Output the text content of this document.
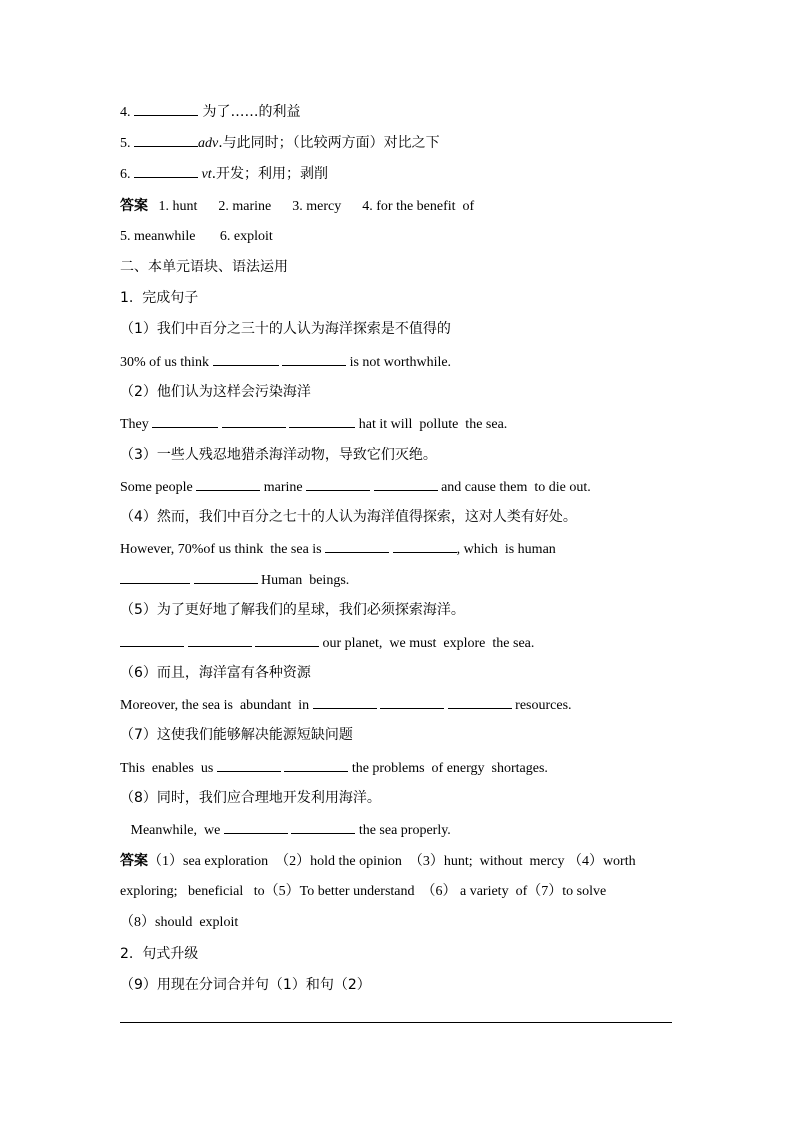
4.	为了……的利益
5.	adv.与此同时；（比较两方面）对比之下
6.	vt.开发；利用；剥削
答案 1. hunt      2. marine      3. mercy      4. for the benefit  of
5. meanwhile       6. exploit
二、本单元语块、语法运用
1.  完成句子
（1）我们中百分之三十的人认为海洋探索是不值得的
30% of us think	is not worthwhile.
（2）他们认为这样会污染海洋
They	hat it will  pollute  the sea.
（3）一些人残忍地猎杀海洋动物，导致它们灭绝。
Some people	marine	and cause them  to die out.
（4）然而，我们中百分之七十的人认为海洋值得探索，这对人类有好处。
However, 70%of us think  the sea is	, which  is human
Human  beings.
（5）为了更好地了解我们的星球，我们必须探索海洋。
our planet,  we must  explore  the sea.
（6）而且，海洋富有各种资源
Moreover, the sea is  abundant  in	resources.
（7）这使我们能够解决能源短缺问题
This  enables  us	the problems  of energy  shortages.
（8）同时，我们应合理地开发利用海洋。
Meanwhile,  we	the sea properly.
答案（1）sea exploration  （2）hold the opinion  （3）hunt;  without  mercy （4）worth
exploring;   beneficial   to（5）To better understand  （6） a variety  of（7）to solve
（8）should  exploit
2.  句式升级
（9）用现在分词合并句（1）和句（2）
